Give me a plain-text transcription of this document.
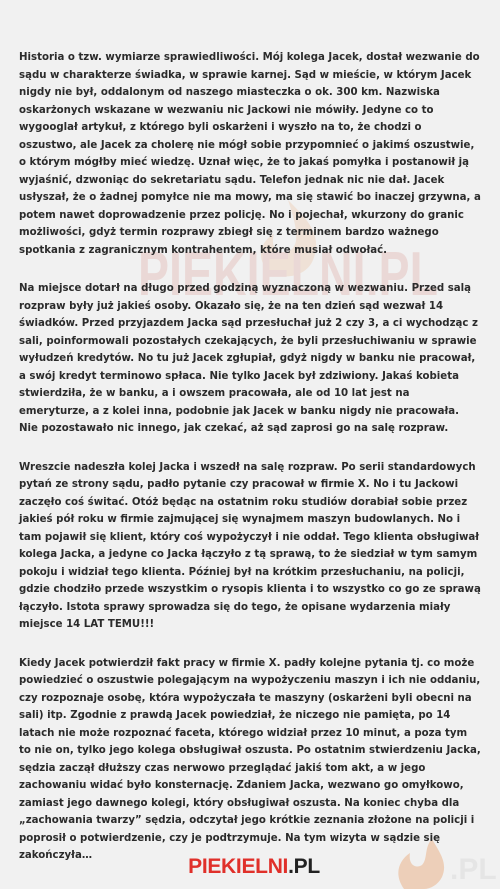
PIEKIELNI.PL
.PL

Historia o tzw. wymiarze sprawiedliwości. Mój kolega Jacek, dostał wezwanie do sądu w charakterze świadka, w sprawie karnej. Sąd w mieście, w którym Jacek nigdy nie był, oddalonym od naszego miasteczka o ok. 300 km. Nazwiska oskarżonych wskazane w wezwaniu nic Jackowi nie mówiły. Jedyne co to wygooglał artykuł, z którego byli oskarżeni i wyszło na to, że chodzi o oszustwo, ale Jacek za cholerę nie mógł sobie przypomnieć o jakimś oszustwie, o którym mógłby mieć wiedzę. Uznał więc, że to jakaś pomyłka i postanowił ją wyjaśnić, dzwoniąc do sekretariatu sądu. Telefon jednak nic nie dał. Jacek usłyszał, że o żadnej pomyłce nie ma mowy, ma się stawić bo inaczej grzywna, a potem nawet doprowadzenie przez policję. No i pojechał, wkurzony do granic możliwości, gdyż termin rozprawy zbiegł się z terminem bardzo ważnego spotkania z zagranicznym kontrahentem, które musiał odwołać.

Na miejsce dotarł na długo przed godziną wyznaczoną w wezwaniu. Przed salą rozpraw były już jakieś osoby. Okazało się, że na ten dzień sąd wezwał 14 świadków. Przed przyjazdem Jacka sąd przesłuchał już 2 czy 3, a ci wychodząc z sali, poinformowali pozostałych czekających, że byli przesłuchiwaniu w sprawie wyłudzeń kredytów. No tu już Jacek zgłupiał, gdyż nigdy w banku nie pracował, a swój kredyt terminowo spłaca. Nie tylko Jacek był zdziwiony. Jakaś kobieta stwierdziła, że w banku, a i owszem pracowała, ale od 10 lat jest na emeryturze, a z kolei inna, podobnie jak Jacek w banku nigdy nie pracowała. Nie pozostawało nic innego, jak czekać, aż sąd zaprosi go na salę rozpraw.

Wreszcie nadeszła kolej Jacka i wszedł na salę rozpraw. Po serii standardowych pytań ze strony sądu, padło pytanie czy pracował w firmie X. No i tu Jackowi zaczęło coś świtać. Otóż będąc na ostatnim roku studiów dorabiał sobie przez jakieś pół roku w firmie zajmującej się wynajmem maszyn budowlanych. No i tam pojawił się klient, który coś wypożyczył i nie oddał. Tego klienta obsługiwał kolega Jacka, a jedyne co Jacka łączyło z tą sprawą, to że siedział w tym samym pokoju i widział tego klienta. Później był na krótkim przesłuchaniu, na policji, gdzie chodziło przede wszystkim o rysopis klienta i to wszystko co go ze sprawą łączyło. Istota sprawy sprowadza się do tego, że opisane wydarzenia miały miejsce 14 LAT TEMU!!!

Kiedy Jacek potwierdził fakt pracy w firmie X. padły kolejne pytania tj. co może powiedzieć o oszustwie polegającym na wypożyczeniu maszyn i ich nie oddaniu, czy rozpoznaje osobę, która wypożyczała te maszyny (oskarżeni byli obecni na sali) itp. Zgodnie z prawdą Jacek powiedział, że niczego nie pamięta, po 14 latach nie może rozpoznać faceta, którego widział przez 10 minut, a poza tym to nie on, tylko jego kolega obsługiwał oszusta. Po ostatnim stwierdzeniu Jacka, sędzia zaczął dłuższy czas nerwowo przeglądać jakiś tom akt, a w jego zachowaniu widać było konsternację. Zdaniem Jacka, wezwano go omyłkowo, zamiast jego dawnego kolegi, który obsługiwał oszusta. Na koniec chyba dla „zachowania twarzy” sędzia, odczytał jego krótkie zeznania złożone na policji i poprosił o potwierdzenie, czy je podtrzymuje. Na tym wizyta w sądzie się zakończyła…	PIEKIELNI.PL
